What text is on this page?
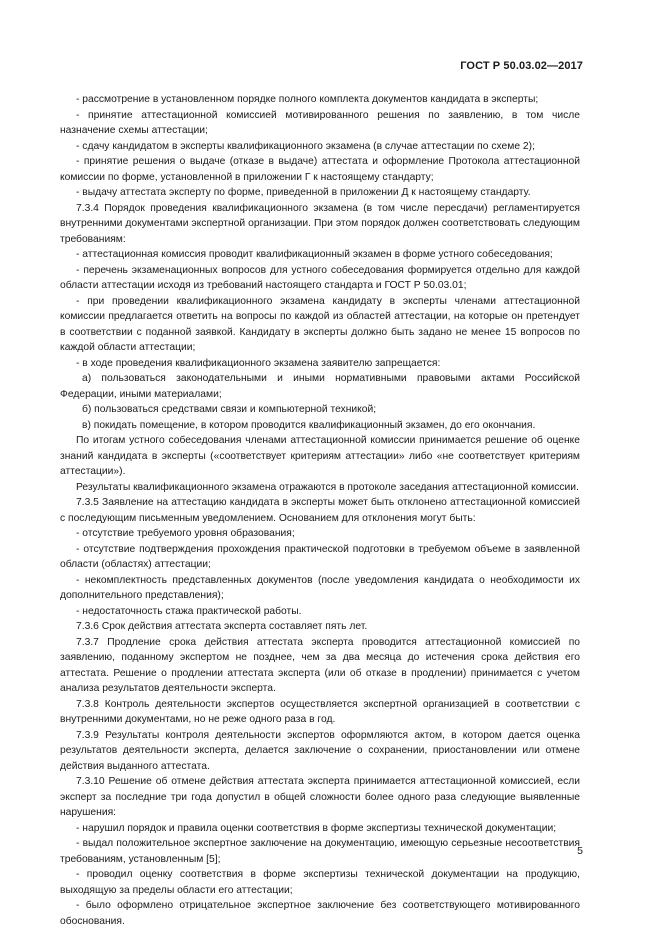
ГОСТ Р 50.03.02—2017

- рассмотрение в установленном порядке полного комплекта документов кандидата в эксперты;

- принятие аттестационной комиссией мотивированного решения по заявлению, в том числе назначение схемы аттестации;

- сдачу кандидатом в эксперты квалификационного экзамена (в случае аттестации по схеме 2);

- принятие решения о выдаче (отказе в выдаче) аттестата и оформление Протокола аттестационной комиссии по форме, установленной в приложении Г к настоящему стандарту;

- выдачу аттестата эксперту по форме, приведенной в приложении Д к настоящему стандарту.

7.3.4 Порядок проведения квалификационного экзамена (в том числе пересдачи) регламентируется внутренними документами экспертной организации. При этом порядок должен соответствовать следующим требованиям:

- аттестационная комиссия проводит квалификационный экзамен в форме устного собеседования;

- перечень экзаменационных вопросов для устного собеседования формируется отдельно для каждой области аттестации исходя из требований настоящего стандарта и ГОСТ Р 50.03.01;

- при проведении квалификационного экзамена кандидату в эксперты членами аттестационной комиссии предлагается ответить на вопросы по каждой из областей аттестации, на которые он претендует в соответствии с поданной заявкой. Кандидату в эксперты должно быть задано не менее 15 вопросов по каждой области аттестации;

- в ходе проведения квалификационного экзамена заявителю запрещается:

а) пользоваться законодательными и иными нормативными правовыми актами Российской Федерации, иными материалами;

б) пользоваться средствами связи и компьютерной техникой;

в) покидать помещение, в котором проводится квалификационный экзамен, до его окончания.

По итогам устного собеседования членами аттестационной комиссии принимается решение об оценке знаний кандидата в эксперты («соответствует критериям аттестации» либо «не соответствует критериям аттестации»).

Результаты квалификационного экзамена отражаются в протоколе заседания аттестационной комиссии.

7.3.5 Заявление на аттестацию кандидата в эксперты может быть отклонено аттестационной комиссией с последующим письменным уведомлением. Основанием для отклонения могут быть:

- отсутствие требуемого уровня образования;

- отсутствие подтверждения прохождения практической подготовки в требуемом объеме в заявленной области (областях) аттестации;

- некомплектность представленных документов (после уведомления кандидата о необходимости их дополнительного представления);

- недостаточность стажа практической работы.

7.3.6 Срок действия аттестата эксперта составляет пять лет.

7.3.7 Продление срока действия аттестата эксперта проводится аттестационной комиссией по заявлению, поданному экспертом не позднее, чем за два месяца до истечения срока действия его аттестата. Решение о продлении аттестата эксперта (или об отказе в продлении) принимается с учетом анализа результатов деятельности эксперта.

7.3.8 Контроль деятельности экспертов осуществляется экспертной организацией в соответствии с внутренними документами, но не реже одного раза в год.

7.3.9 Результаты контроля деятельности экспертов оформляются актом, в котором дается оценка результатов деятельности эксперта, делается заключение о сохранении, приостановлении или отмене действия выданного аттестата.

7.3.10 Решение об отмене действия аттестата эксперта принимается аттестационной комиссией, если эксперт за последние три года допустил в общей сложности более одного раза следующие выявленные нарушения:

- нарушил порядок и правила оценки соответствия в форме экспертизы технической документации;

- выдал положительное экспертное заключение на документацию, имеющую серьезные несоответствия требованиям, установленным [5];

- проводил оценку соответствия в форме экспертизы технической документации на продукцию, выходящую за пределы области его аттестации;

- было оформлено отрицательное экспертное заключение без соответствующего мотивированного обоснования.

5
